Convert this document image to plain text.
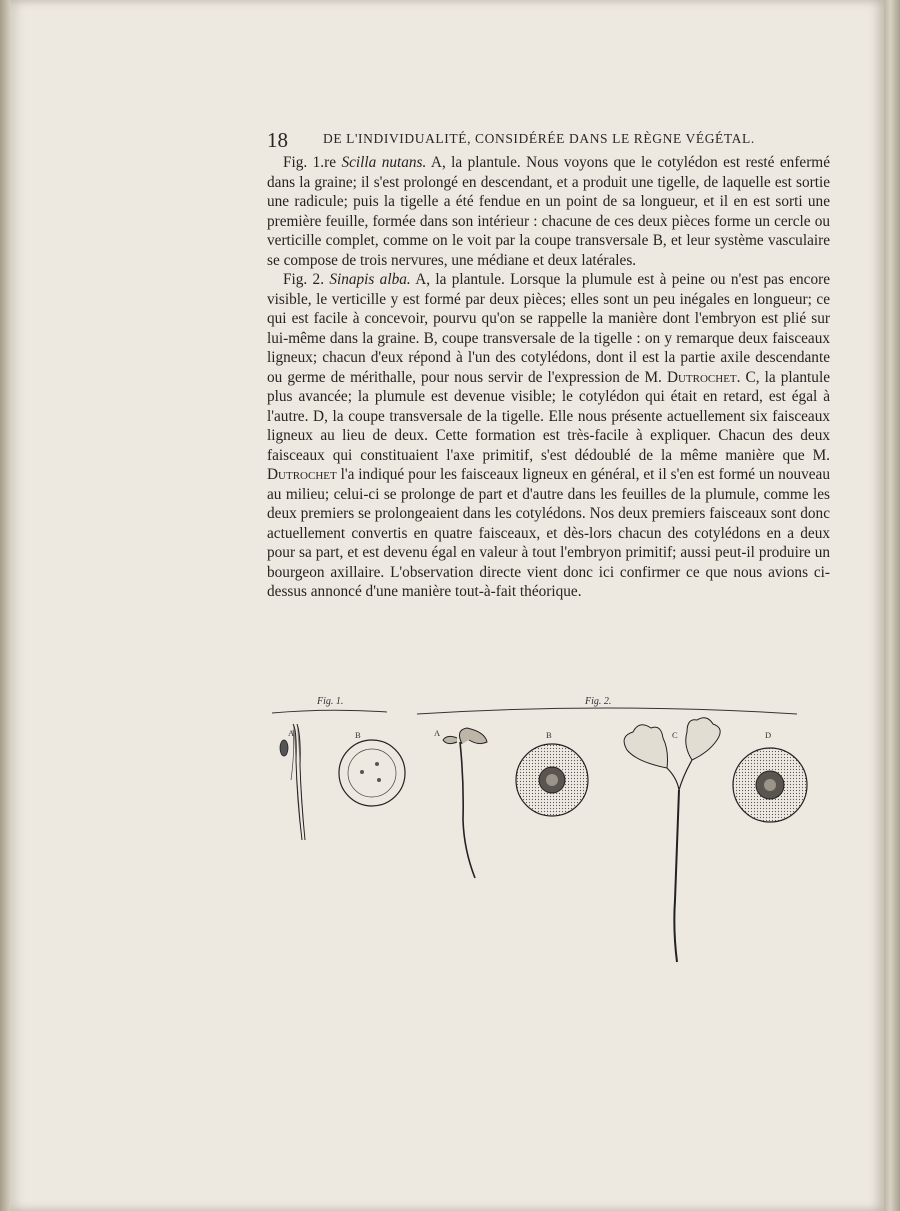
18	DE L'INDIVIDUALITÉ, CONSIDÉRÉE DANS LE RÈGNE VÉGÉTAL.

Fig. 1.re Scilla nutans. A, la plantule. Nous voyons que le cotylédon est resté enfermé dans la graine; il s'est prolongé en descendant, et a produit une tigelle, de laquelle est sortie une radicule; puis la tigelle a été fendue en un point de sa longueur, et il en est sorti une première feuille, formée dans son intérieur : chacune de ces deux pièces forme un cercle ou verticille complet, comme on le voit par la coupe transversale B, et leur système vasculaire se compose de trois nervures, une médiane et deux latérales.

Fig. 2. Sinapis alba. A, la plantule. Lorsque la plumule est à peine ou n'est pas encore visible, le verticille y est formé par deux pièces; elles sont un peu inégales en longueur; ce qui est facile à concevoir, pourvu qu'on se rappelle la manière dont l'embryon est plié sur lui-même dans la graine. B, coupe transversale de la tigelle : on y remarque deux faisceaux ligneux; chacun d'eux répond à l'un des cotylédons, dont il est la partie axile descendante ou germe de mérithalle, pour nous servir de l'expression de M. Dutrochet. C, la plantule plus avancée; la plumule est devenue visible; le cotylédon qui était en retard, est égal à l'autre. D, la coupe transversale de la tigelle. Elle nous présente actuellement six faisceaux ligneux au lieu de deux. Cette formation est très-facile à expliquer. Chacun des deux faisceaux qui constituaient l'axe primitif, s'est dédoublé de la même manière que M. Dutrochet l'a indiqué pour les faisceaux ligneux en général, et il s'en est formé un nouveau au milieu; celui-ci se prolonge de part et d'autre dans les feuilles de la plumule, comme les deux premiers se prolongeaient dans les cotylédons. Nos deux premiers faisceaux sont donc actuellement convertis en quatre faisceaux, et dès-lors chacun des cotylédons en a deux pour sa part, et est devenu égal en valeur à tout l'embryon primitif; aussi peut-il produire un bourgeon axillaire. L'observation directe vient donc ici confirmer ce que nous avions ci-dessus annoncé d'une manière tout-à-fait théorique.

Fig. 1.	Fig. 2.
A	B	A	B	C	D
